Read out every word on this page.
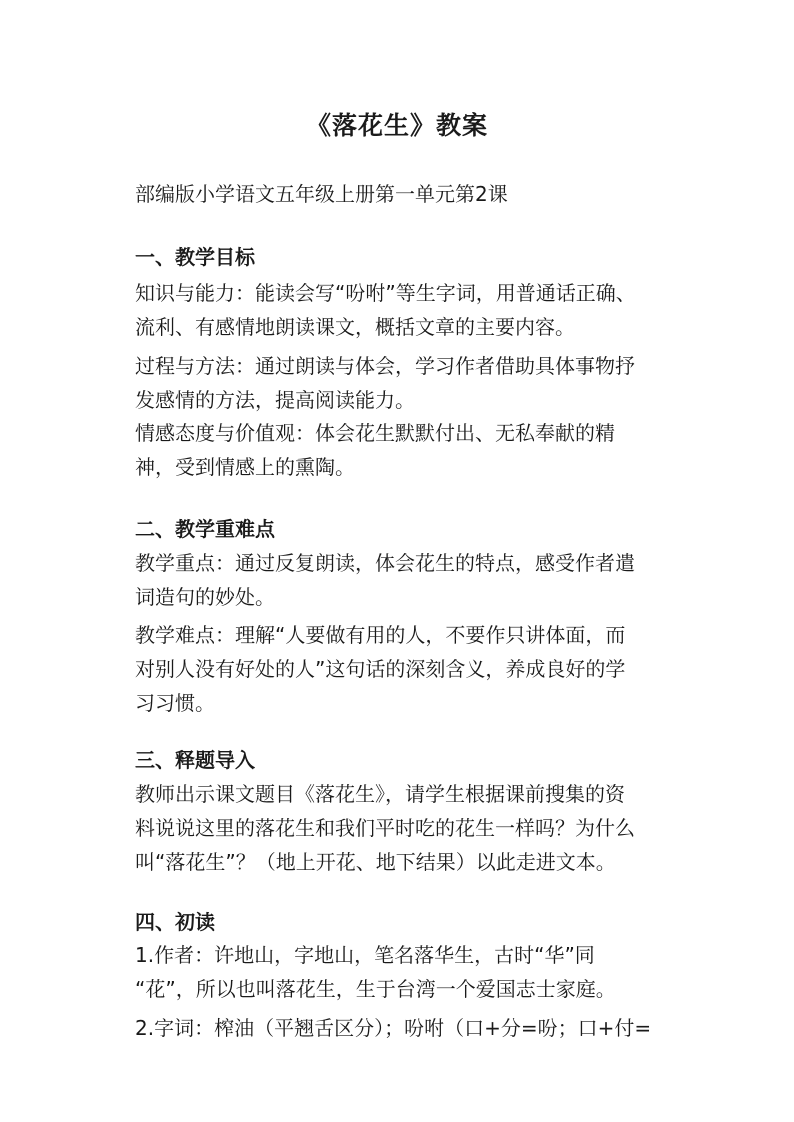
《落花生》教案

部编版小学语文五年级上册第一单元第2课

一、教学目标

知识与能力：能读会写“吩咐”等生字词，用普通话正确、
流利、有感情地朗读课文，概括文章的主要内容。

过程与方法：通过朗读与体会，学习作者借助具体事物抒
发感情的方法，提高阅读能力。

情感态度与价值观：体会花生默默付出、无私奉献的精
神，受到情感上的熏陶。

二、教学重难点

教学重点：通过反复朗读，体会花生的特点，感受作者遣
词造句的妙处。

教学难点：理解“人要做有用的人，不要作只讲体面，而
对别人没有好处的人”这句话的深刻含义，养成良好的学
习习惯。

三、释题导入

教师出示课文题目《落花生》，请学生根据课前搜集的资
料说说这里的落花生和我们平时吃的花生一样吗？为什么
叫“落花生”？（地上开花、地下结果）以此走进文本。

四、初读

1.作者：许地山，字地山，笔名落华生，古时“华”同
“花”，所以也叫落花生，生于台湾一个爱国志士家庭。

2.字词：榨油（平翘舌区分）；吩咐（口+分=吩；口+付=
